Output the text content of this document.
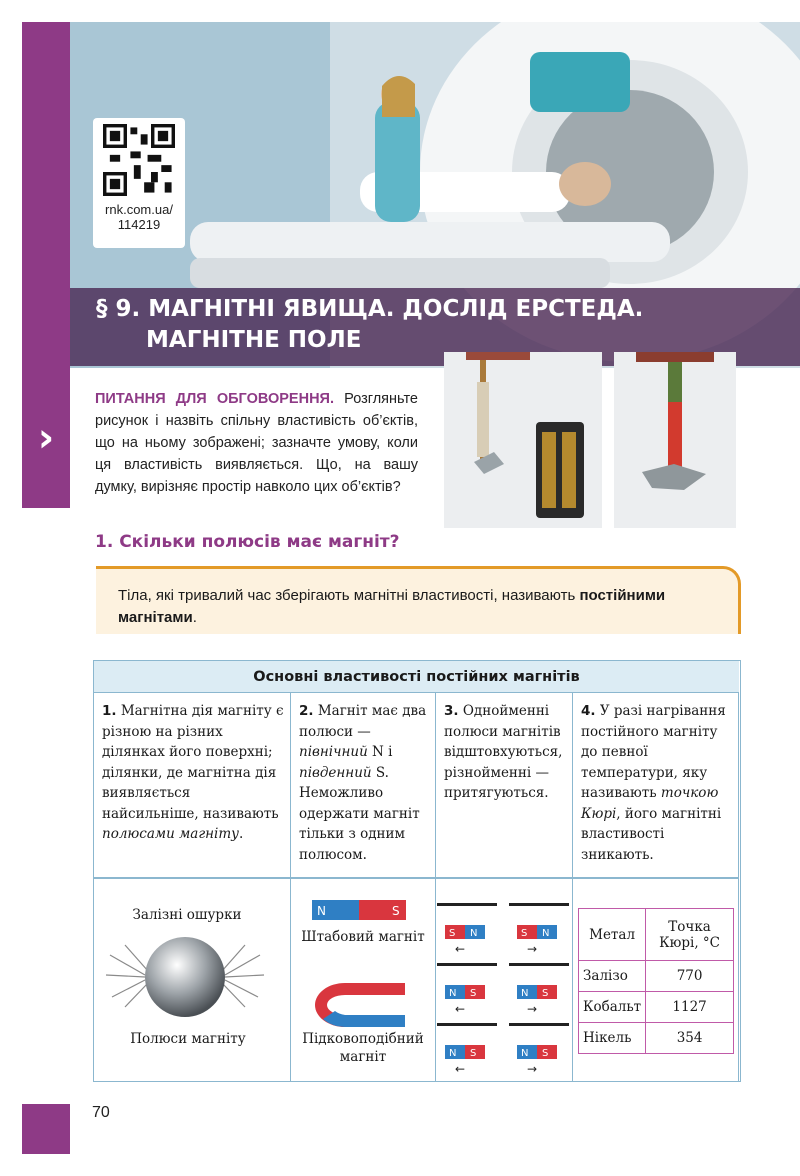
rnk.com.ua/
114219
§ 9. МАГНІТНІ ЯВИЩА. ДОСЛІД ЕРСТЕДА.
МАГНІТНЕ ПОЛЕ
›

ПИТАННЯ ДЛЯ ОБГОВОРЕННЯ. Розгляньте рисунок і назвіть спільну властивість об’єктів, що на ньому зображені; зазначте умову, коли ця властивість виявляється. Що, на вашу думку, вирізняє простір навколо цих об’єктів?

1. Скільки полюсів має магніт?
Тіла, які тривалий час зберігають магнітні властивості, називають постійними магнітами.
Основні властивості постійних магнітів
1. Магнітна дія магніту є різною на різних ділянках його поверхні; ділянки, де магнітна дія виявляється найсильніше, називають полюсами магніту.
2. Магніт має два полюси — північний N і південний S. Неможливо одержати магніт тільки з одним полюсом.
3. Однойменні полюси магнітів відштовхуються, різнойменні — притягуються.
4. У разі нагрівання постійного магніту до певної температури, яку називають точкою Кюрі, його магнітні властивості зникають.
Залізні ошурки
Полюси магніту
N	S
Штабовий магніт
Підковоподібний магніт
S N
←
S N
→
N S
←
N S
→
N S
←
N S
→
Метал	Точка Кюрі, °С
Залізо	770
Кобальт	1127
Нікель	354
70
